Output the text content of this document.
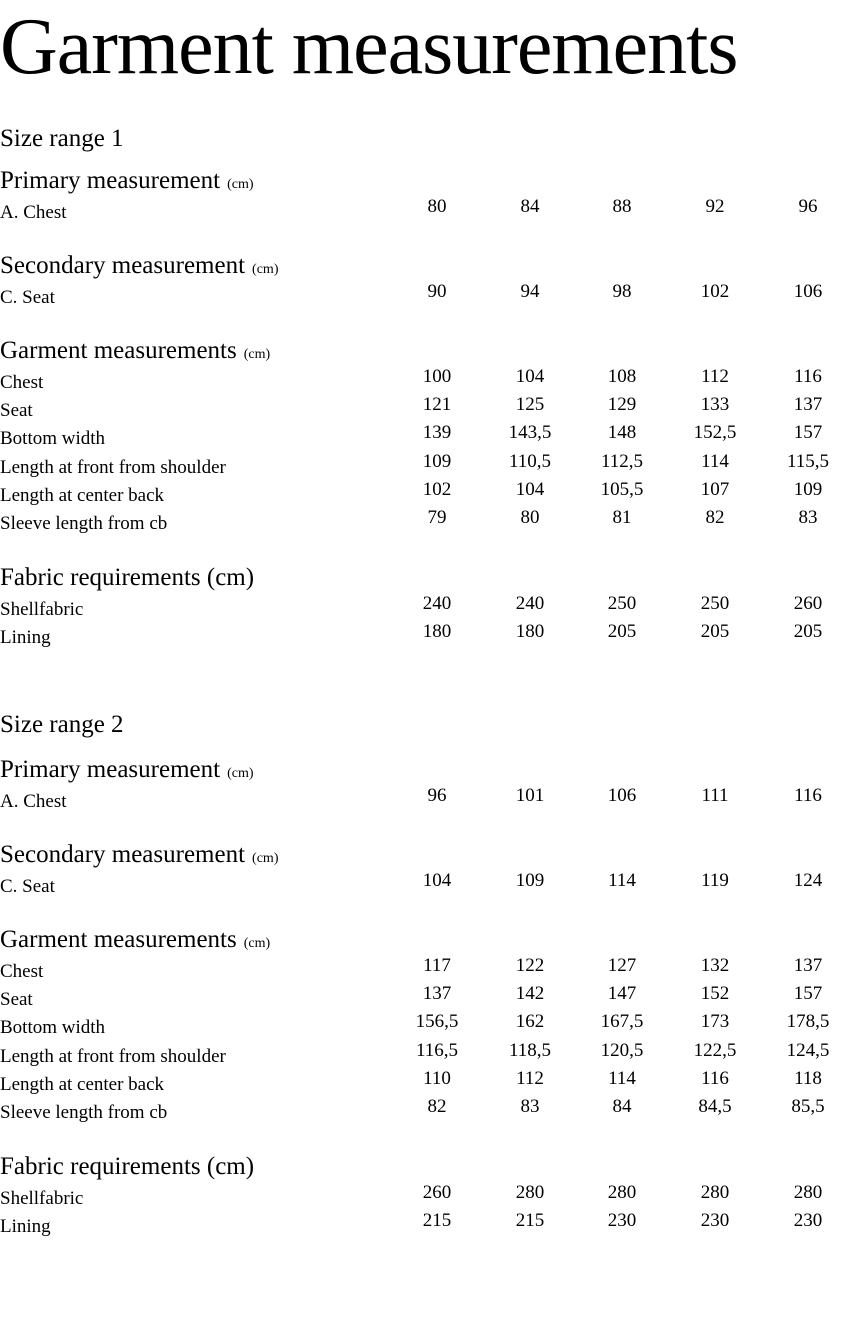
Garment measurements
Size range 1
Primary measurement (cm)
A. Chest	80	84	88	92	96
Secondary measurement (cm)
C. Seat	90	94	98	102	106
Garment measurements (cm)
Chest	100	104	108	112	116
Seat	121	125	129	133	137
Bottom width	139	143,5	148	152,5	157
Length at front from shoulder	109	110,5	112,5	114	115,5
Length at center back	102	104	105,5	107	109
Sleeve length from cb	79	80	81	82	83
Fabric requirements (cm)
Shellfabric	240	240	250	250	260
Lining	180	180	205	205	205
Size range 2
Primary measurement (cm)
A. Chest	96	101	106	111	116
Secondary measurement (cm)
C. Seat	104	109	114	119	124
Garment measurements (cm)
Chest	117	122	127	132	137
Seat	137	142	147	152	157
Bottom width	156,5	162	167,5	173	178,5
Length at front from shoulder	116,5	118,5	120,5	122,5	124,5
Length at center back	110	112	114	116	118
Sleeve length from cb	82	83	84	84,5	85,5
Fabric requirements (cm)
Shellfabric	260	280	280	280	280
Lining	215	215	230	230	230
